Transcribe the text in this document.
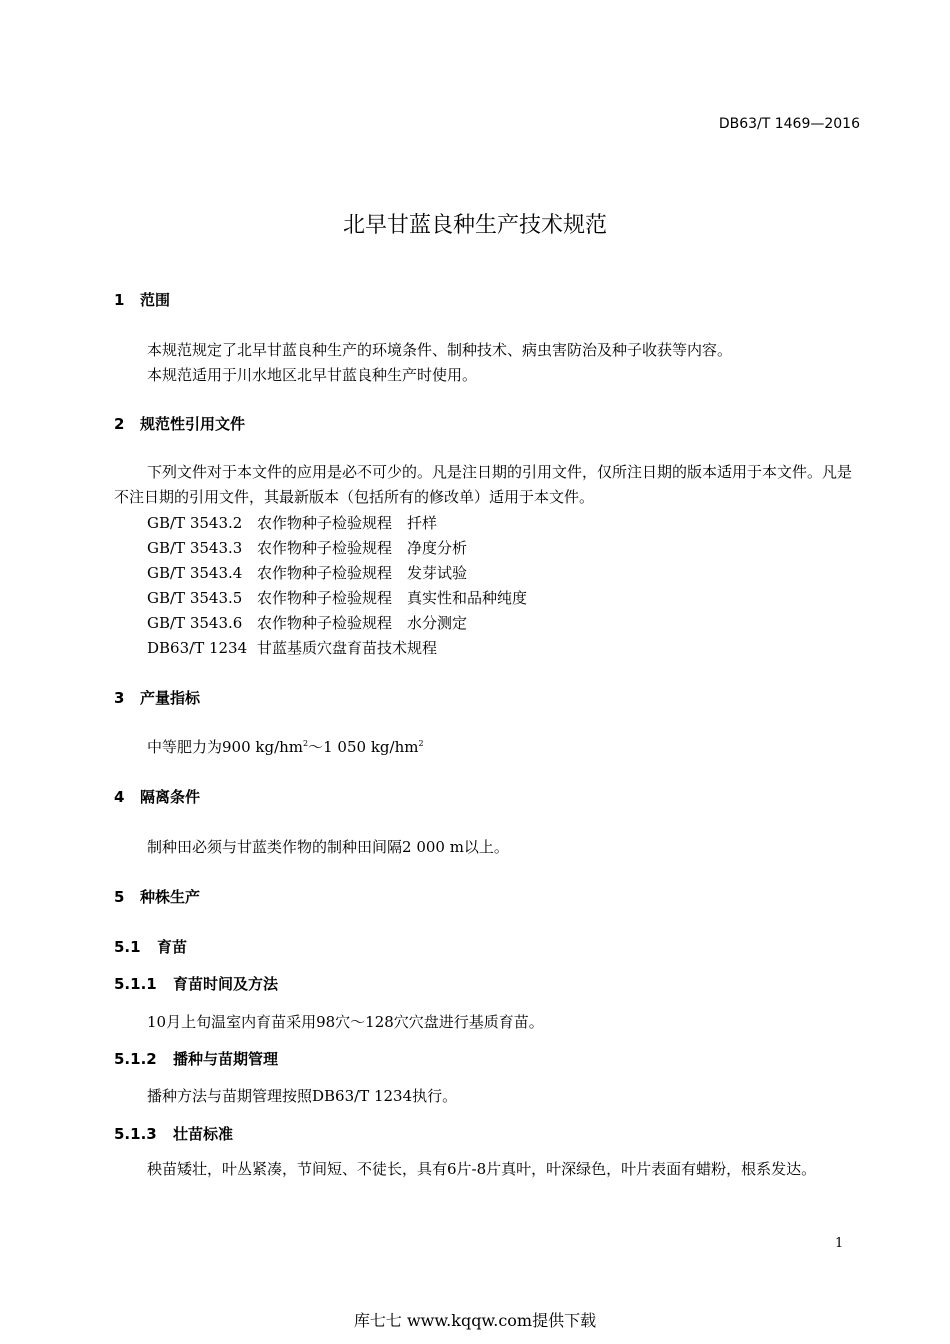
DB63/T 1469—2016
北早甘蓝良种生产技术规范
1 范围
本规范规定了北早甘蓝良种生产的环境条件、制种技术、病虫害防治及种子收获等内容。
本规范适用于川水地区北早甘蓝良种生产时使用。
2 规范性引用文件
下列文件对于本文件的应用是必不可少的。凡是注日期的引用文件，仅所注日期的版本适用于本文件。凡是不注日期的引用文件，其最新版本（包括所有的修改单）适用于本文件。
GB/T 3543.2 农作物种子检验规程　扦样
GB/T 3543.3 农作物种子检验规程　净度分析
GB/T 3543.4 农作物种子检验规程　发芽试验
GB/T 3543.5 农作物种子检验规程　真实性和品种纯度
GB/T 3543.6 农作物种子检验规程　水分测定
DB63/T 1234 甘蓝基质穴盘育苗技术规程
3 产量指标
中等肥力为900 $kg/hm^2\sim 1$ 050 $kg/hm^2$
4 隔离条件
制种田必须与甘蓝类作物的制种田间隔2 000 m以上。
5 种株生产
5.1 育苗
5.1.1 育苗时间及方法
10月上旬温室内育苗采用98穴～128穴穴盘进行基质育苗。
5.1.2 播种与苗期管理
播种方法与苗期管理按照DB63/T 1234执行。
5.1.3 壮苗标准
秧苗矮壮，叶丛紧凑，节间短、不徒长，具有6片-8片真叶，叶深绿色，叶片表面有蜡粉，根系发达。
1
库七七 www.kqqw.com提供下载
